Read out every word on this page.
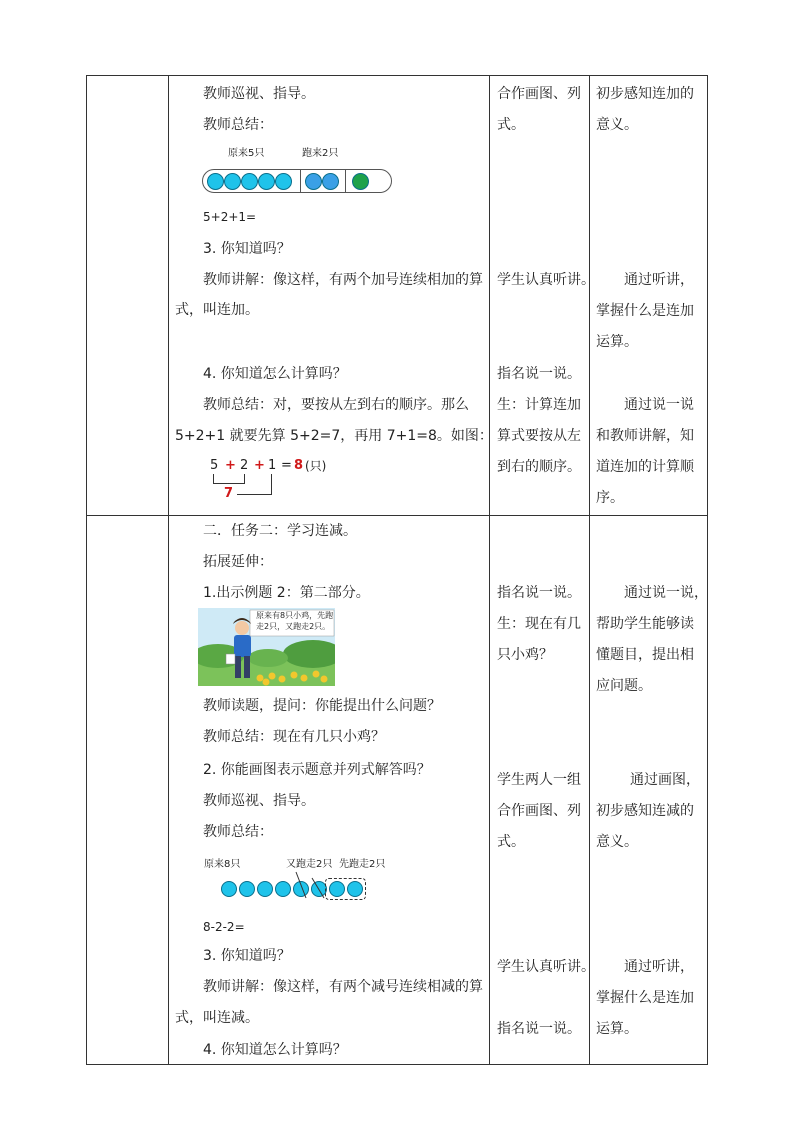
教师巡视、指导。
教师总结：
原来5只	跑来2只
5+2+1=
3. 你知道吗？
教师讲解：像这样，有两个加号连续相加的算
式，叫连加。
4. 你知道怎么计算吗？
教师总结：对，要按从左到右的顺序。那么
5+2+1 就要先算 5+2=7，再用 7+1=8。如图：
5 + 2 + 1 = 8 (只)
7
合作画图、列
式。
学生认真听讲。
指名说一说。
生：计算连加
算式要按从左
到右的顺序。
初步感知连加的
意义。
通过听讲，
掌握什么是连加
运算。
通过说一说
和教师讲解，知
道连加的计算顺
序。
二．任务二：学习连减。
拓展延伸：
1.出示例题 2：第二部分。
原来有8只小鸡，先跑
走2只，又跑走2只。
教师读题，提问：你能提出什么问题？
教师总结：现在有几只小鸡？
2. 你能画图表示题意并列式解答吗？
教师巡视、指导。
教师总结：
原来8只	又跑走2只 先跑走2只
8-2-2=
3. 你知道吗？
教师讲解：像这样，有两个减号连续相减的算
式，叫连减。
4. 你知道怎么计算吗？
指名说一说。
生：现在有几
只小鸡？
学生两人一组
合作画图、列
式。
学生认真听讲。
指名说一说。
通过说一说，
帮助学生能够读
懂题目，提出相
应问题。
通过画图，
初步感知连减的
意义。
通过听讲，
掌握什么是连加
运算。
